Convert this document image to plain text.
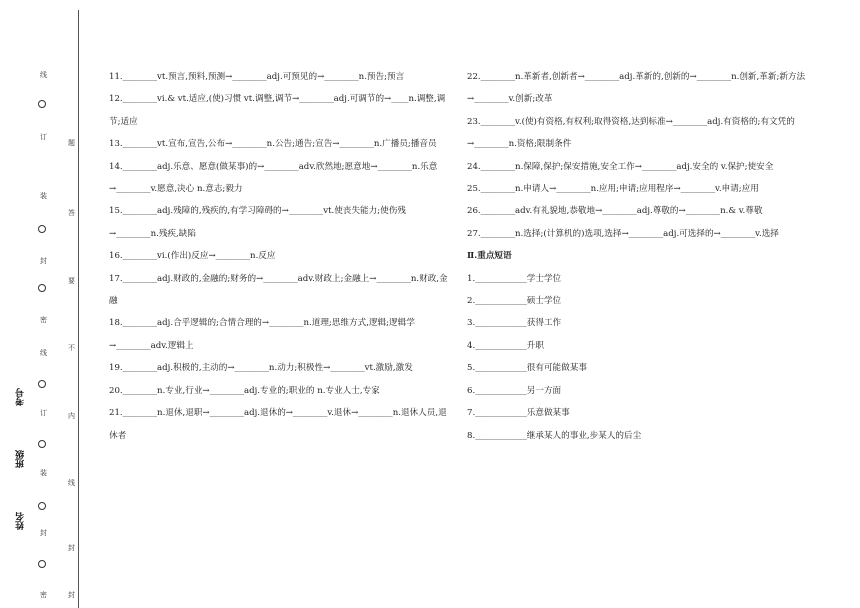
线
订
装
封
密
线
订
装
封
密
题
答
要
不
内
线
封
封
考号
班级
姓名

11.________vt.预言,预料,预测→________adj.可预见的→________n.预告;预言

12.________vi.& vt.适应,(使)习惯 vt.调整,调节→________adj.可调节的→____n.调整,调节;适应

13.________vt.宣布,宣告,公布→________n.公告;通告;宣告→________n.广播员;播音员

14.________adj.乐意、愿意(做某事)的→________adv.欣然地;愿意地→________n.乐意→________v.愿意,决心 n.意志;毅力

15.________adj.残障的,残疾的,有学习障碍的→________vt.使丧失能力;使伤残→________n.残疾,缺陷

16.________vi.(作出)反应→________n.反应

17.________adj.财政的,金融的;财务的→________adv.财政上;金融上→________n.财政,金融

18.________adj.合乎逻辑的;合情合理的→________n.道理;思维方式,逻辑;逻辑学→________adv.逻辑上

19.________adj.积极的,主动的→________n.动力;积极性→________vt.激励,激发

20.________n.专业,行业→________adj.专业的;职业的 n.专业人士,专家

21.________n.退休,退职→________adj.退休的→________v.退休→________n.退休人员,退休者

22.________n.革新者,创新者→________adj.革新的,创新的→________n.创新,革新;新方法→________v.创新;改革

23.________v.(使)有资格,有权利;取得资格,达到标准→________adj.有资格的;有文凭的→________n.资格;限制条件

24.________n.保障,保护;保安措施,安全工作→________adj.安全的 v.保护;使安全

25.________n.申请人→________n.应用;申请;应用程序→________v.申请;应用

26.________adv.有礼貌地,恭敬地→________adj.尊敬的→________n.& v.尊敬

27.________n.选择;(计算机的)选项,选择→________adj.可选择的→________v.选择

Ⅱ.重点短语

1.____________学士学位

2.____________硕士学位

3.____________获得工作

4.____________升职

5.____________很有可能做某事

6.____________另一方面

7.____________乐意做某事

8.____________继承某人的事业,步某人的后尘
